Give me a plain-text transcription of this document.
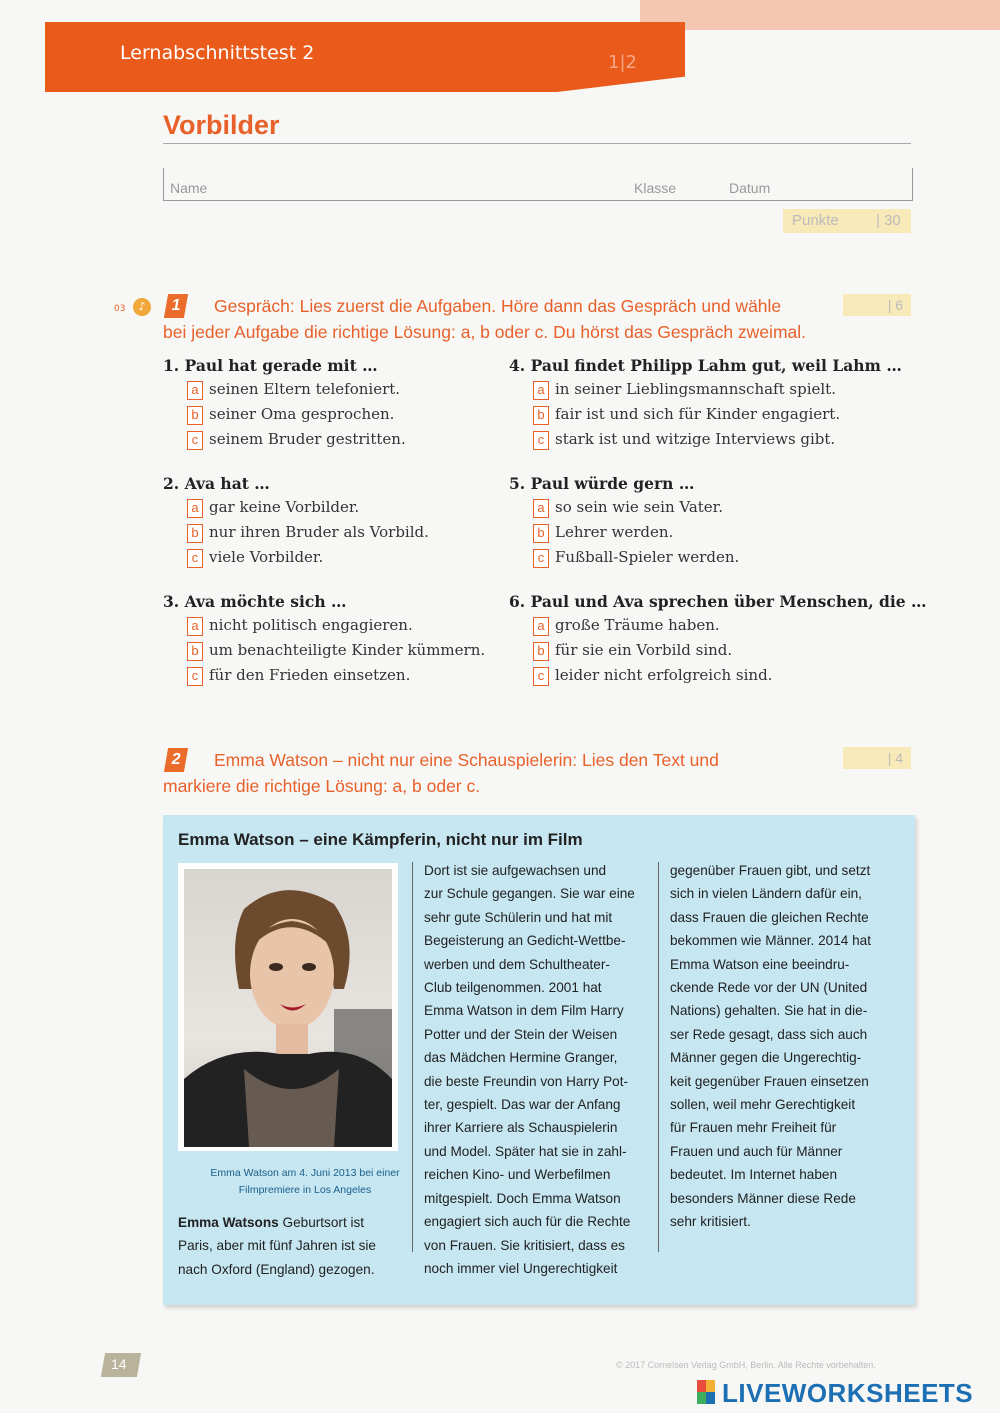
Lernabschnittstest 2	1|2
Vorbilder
Name	Klasse	Datum
Punkte | 30
03	♪	1	Gespräch: Lies zuerst die Aufgaben. Höre dann das Gespräch und wähle
bei jeder Aufgabe die richtige Lösung: a, b oder c. Du hörst das Gespräch zweimal.
| 6
1. Paul hat gerade mit …
a seinen Eltern telefoniert.
b seiner Oma gesprochen.
c seinem Bruder gestritten.
2. Ava hat …
a gar keine Vorbilder.
b nur ihren Bruder als Vorbild.
c viele Vorbilder.
3. Ava möchte sich …
a nicht politisch engagieren.
b um benachteiligte Kinder kümmern.
c für den Frieden einsetzen.
4. Paul findet Philipp Lahm gut, weil Lahm …
a in seiner Lieblingsmannschaft spielt.
b fair ist und sich für Kinder engagiert.
c stark ist und witzige Interviews gibt.
5. Paul würde gern …
a so sein wie sein Vater.
b Lehrer werden.
c Fußball-Spieler werden.
6. Paul und Ava sprechen über Menschen, die …
a große Träume haben.
b für sie ein Vorbild sind.
c leider nicht erfolgreich sind.
2	Emma Watson – nicht nur eine Schauspielerin: Lies den Text und
markiere die richtige Lösung: a, b oder c.
| 4
Emma Watson – eine Kämpferin, nicht nur im Film
Emma Watson am 4. Juni 2013 bei einer
Filmpremiere in Los Angeles
Emma Watsons Geburtsort ist
Paris, aber mit fünf Jahren ist sie
nach Oxford (England) gezogen.
Dort ist sie aufgewachsen und
zur Schule gegangen. Sie war eine
sehr gute Schülerin und hat mit
Begeisterung an Gedicht-Wettbe-
werben und dem Schultheater-
Club teilgenommen. 2001 hat
Emma Watson in dem Film Harry
Potter und der Stein der Weisen
das Mädchen Hermine Granger,
die beste Freundin von Harry Pot-
ter, gespielt. Das war der Anfang
ihrer Karriere als Schauspielerin
und Model. Später hat sie in zahl-
reichen Kino- und Werbefilmen
mitgespielt. Doch Emma Watson
engagiert sich auch für die Rechte
von Frauen. Sie kritisiert, dass es
noch immer viel Ungerechtigkeit
gegenüber Frauen gibt, und setzt
sich in vielen Ländern dafür ein,
dass Frauen die gleichen Rechte
bekommen wie Männer. 2014 hat
Emma Watson eine beeindru-
ckende Rede vor der UN (United
Nations) gehalten. Sie hat in die-
ser Rede gesagt, dass sich auch
Männer gegen die Ungerechtig-
keit gegenüber Frauen einsetzen
sollen, weil mehr Gerechtigkeit
für Frauen mehr Freiheit für
Frauen und auch für Männer
bedeutet. Im Internet haben
besonders Männer diese Rede
sehr kritisiert.
14	© 2017 Cornelsen Verlag GmbH, Berlin. Alle Rechte vorbehalten.
LIVEWORKSHEETS
